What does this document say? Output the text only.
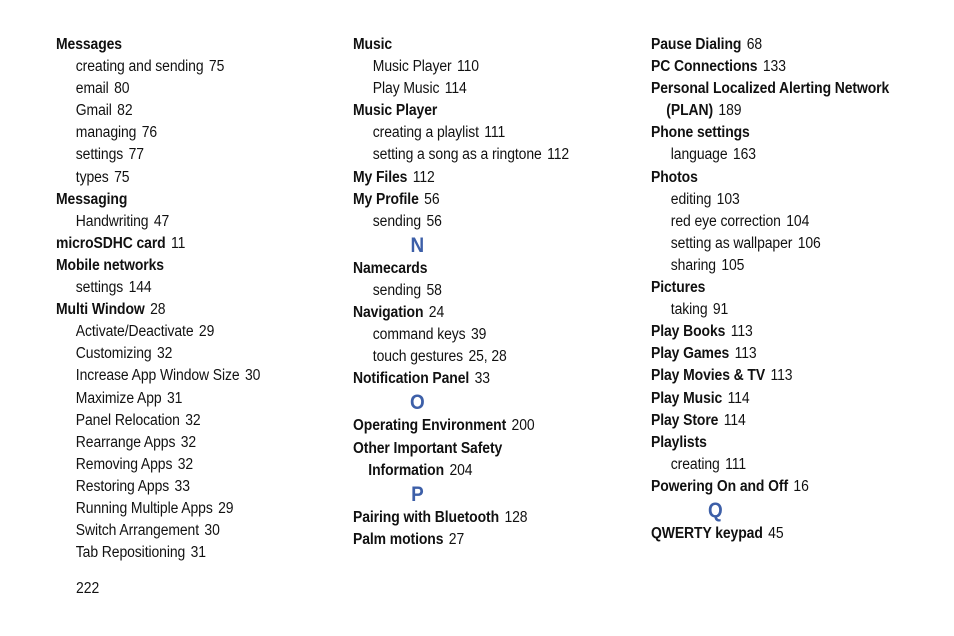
Messages
creating and sending 75
email 80
Gmail 82
managing 76
settings 77
types 75
Messaging
Handwriting 47
microSDHC card 11
Mobile networks
settings 144
Multi Window 28
Activate/Deactivate 29
Customizing 32
Increase App Window Size 30
Maximize App 31
Panel Relocation 32
Rearrange Apps 32
Removing Apps 32
Restoring Apps 33
Running Multiple Apps 29
Switch Arrangement 30
Tab Repositioning 31
Music
Music Player 110
Play Music 114
Music Player
creating a playlist 111
setting a song as a ringtone 112
My Files 112
My Profile 56
sending 56
N
Namecards
sending 58
Navigation 24
command keys 39
touch gestures 25, 28
Notification Panel 33
O
Operating Environment 200
Other Important Safety
Information 204
P
Pairing with Bluetooth 128
Palm motions 27
Pause Dialing 68
PC Connections 133
Personal Localized Alerting Network
(PLAN) 189
Phone settings
language 163
Photos
editing 103
red eye correction 104
setting as wallpaper 106
sharing 105
Pictures
taking 91
Play Books 113
Play Games 113
Play Movies & TV 113
Play Music 114
Play Store 114
Playlists
creating 111
Powering On and Off 16
Q
QWERTY keypad 45
222
